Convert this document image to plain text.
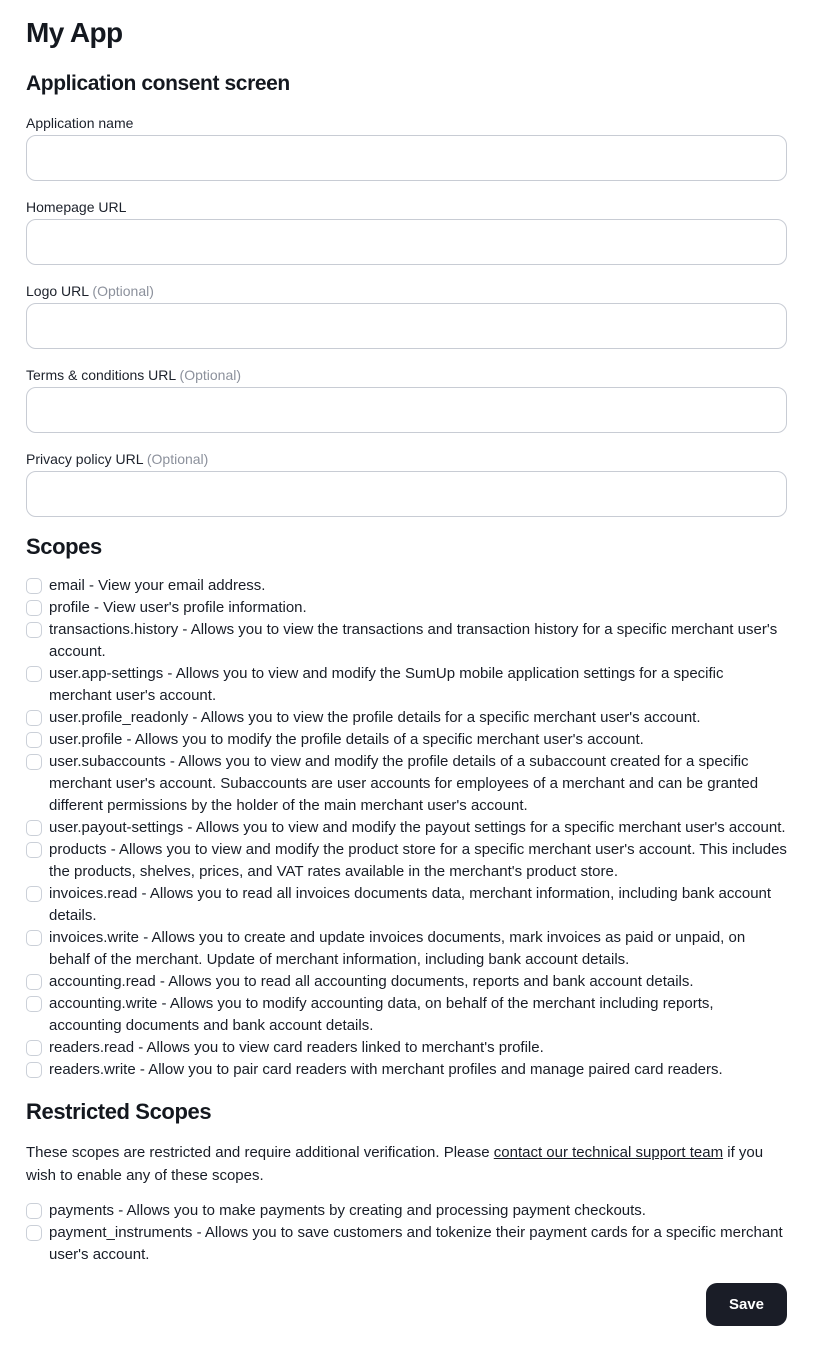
My App
Application consent screen
Application name
Homepage URL
Logo URL (Optional)
Terms & conditions URL (Optional)
Privacy policy URL (Optional)
Scopes
email - View your email address.
profile - View user's profile information.
transactions.history - Allows you to view the transactions and transaction history for a specific merchant user's account.
user.app-settings - Allows you to view and modify the SumUp mobile application settings for a specific merchant user's account.
user.profile_readonly - Allows you to view the profile details for a specific merchant user's account.
user.profile - Allows you to modify the profile details of a specific merchant user's account.
user.subaccounts - Allows you to view and modify the profile details of a subaccount created for a specific merchant user's account. Subaccounts are user accounts for employees of a merchant and can be granted different permissions by the holder of the main merchant user's account.
user.payout-settings - Allows you to view and modify the payout settings for a specific merchant user's account.
products - Allows you to view and modify the product store for a specific merchant user's account. This includes the products, shelves, prices, and VAT rates available in the merchant's product store.
invoices.read - Allows you to read all invoices documents data, merchant information, including bank account details.
invoices.write - Allows you to create and update invoices documents, mark invoices as paid or unpaid, on behalf of the merchant. Update of merchant information, including bank account details.
accounting.read - Allows you to read all accounting documents, reports and bank account details.
accounting.write - Allows you to modify accounting data, on behalf of the merchant including reports, accounting documents and bank account details.
readers.read - Allows you to view card readers linked to merchant's profile.
readers.write - Allow you to pair card readers with merchant profiles and manage paired card readers.
Restricted Scopes

These scopes are restricted and require additional verification. Please contact our technical support team if you wish to enable any of these scopes.

payments - Allows you to make payments by creating and processing payment checkouts.
payment_instruments - Allows you to save customers and tokenize their payment cards for a specific merchant user's account.
Save
